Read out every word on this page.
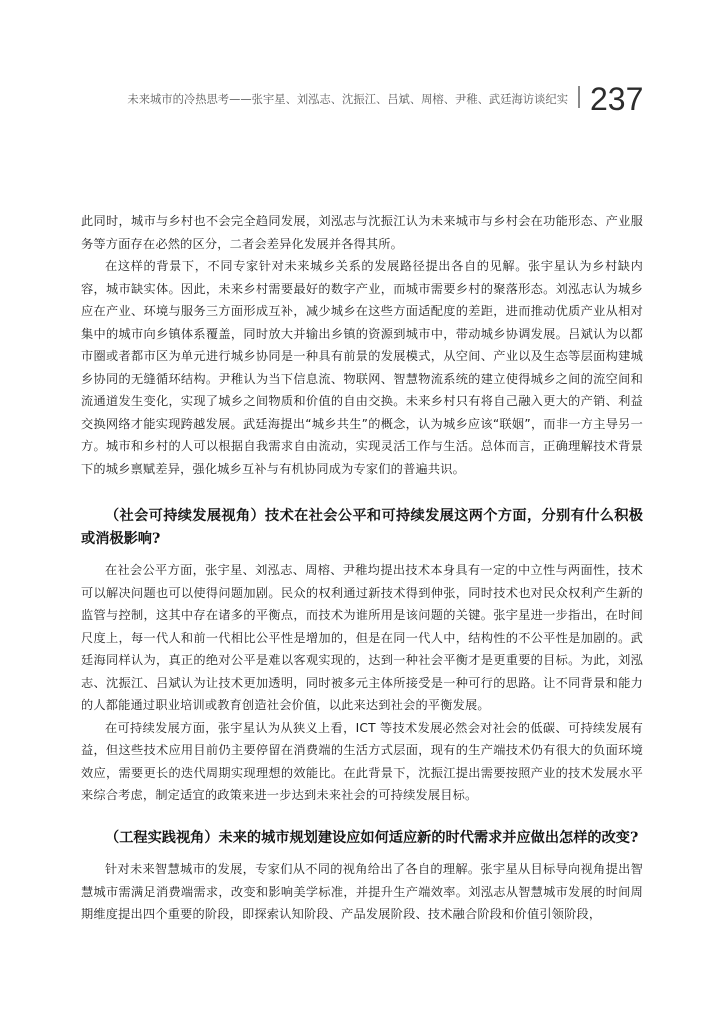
未来城市的冷热思考——张宇星、刘泓志、沈振江、吕斌、周榕、尹稚、武廷海访谈纪实 237

此同时，城市与乡村也不会完全趋同发展，刘泓志与沈振江认为未来城市与乡村会在功能形态、产业服务等方面存在必然的区分，二者会差异化发展并各得其所。

在这样的背景下，不同专家针对未来城乡关系的发展路径提出各自的见解。张宇星认为乡村缺内容，城市缺实体。因此，未来乡村需要最好的数字产业，而城市需要乡村的聚落形态。刘泓志认为城乡应在产业、环境与服务三方面形成互补，减少城乡在这些方面适配度的差距，进而推动优质产业从相对集中的城市向乡镇体系覆盖，同时放大并输出乡镇的资源到城市中，带动城乡协调发展。吕斌认为以都市圈或者都市区为单元进行城乡协同是一种具有前景的发展模式，从空间、产业以及生态等层面构建城乡协同的无缝循环结构。尹稚认为当下信息流、物联网、智慧物流系统的建立使得城乡之间的流空间和流通道发生变化，实现了城乡之间物质和价值的自由交换。未来乡村只有将自己融入更大的产销、利益交换网络才能实现跨越发展。武廷海提出“城乡共生”的概念，认为城乡应该“联姻”，而非一方主导另一方。城市和乡村的人可以根据自我需求自由流动，实现灵活工作与生活。总体而言，正确理解技术背景下的城乡禀赋差异，强化城乡互补与有机协同成为专家们的普遍共识。

（社会可持续发展视角）技术在社会公平和可持续发展这两个方面，分别有什么积极或消极影响?

在社会公平方面，张宇星、刘泓志、周榕、尹稚均提出技术本身具有一定的中立性与两面性，技术可以解决问题也可以使得问题加剧。民众的权利通过新技术得到伸张，同时技术也对民众权利产生新的监管与控制，这其中存在诸多的平衡点，而技术为谁所用是该问题的关键。张宇星进一步指出，在时间尺度上，每一代人和前一代相比公平性是增加的，但是在同一代人中，结构性的不公平性是加剧的。武廷海同样认为，真正的绝对公平是难以客观实现的，达到一种社会平衡才是更重要的目标。为此，刘泓志、沈振江、吕斌认为让技术更加透明，同时被多元主体所接受是一种可行的思路。让不同背景和能力的人都能通过职业培训或教育创造社会价值，以此来达到社会的平衡发展。

在可持续发展方面，张宇星认为从狭义上看，ICT 等技术发展必然会对社会的低碳、可持续发展有益，但这些技术应用目前仍主要停留在消费端的生活方式层面，现有的生产端技术仍有很大的负面环境效应，需要更长的迭代周期实现理想的效能比。在此背景下，沈振江提出需要按照产业的技术发展水平来综合考虑，制定适宜的政策来进一步达到未来社会的可持续发展目标。

（工程实践视角）未来的城市规划建设应如何适应新的时代需求并应做出怎样的改变?

针对未来智慧城市的发展，专家们从不同的视角给出了各自的理解。张宇星从目标导向视角提出智慧城市需满足消费端需求，改变和影响美学标准，并提升生产端效率。刘泓志从智慧城市发展的时间周期维度提出四个重要的阶段，即探索认知阶段、产品发展阶段、技术融合阶段和价值引领阶段，
